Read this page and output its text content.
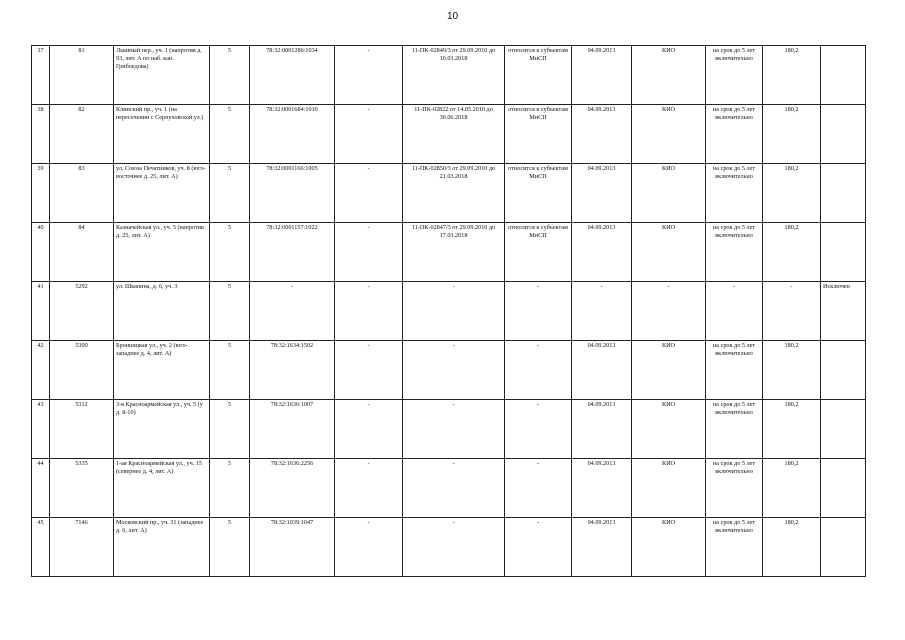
10
37	81	Львиный пер., уч. 1 (напротив д. 93, лит. А по наб. кан. Грибоедова)	5	78:32:0001286:1034	-	11-ПК-02849/3 от 29.09.2010 до 10.03.2018	относится к субъектам МиСП	04.09.2013	КИО	на срок до 5 лет включительно	180,2	
38	82	Клинский пр., уч. 1 (на пересечении с Серпуховской ул.)	5	78:32:0001684:1010	-	11-ПК-02822 от 14.05.2010 до 30.06.2018	относится к субъектам МиСП	04.09.2013	КИО	на срок до 5 лет включительно	180,2	
39	83	ул. Союза Печатников, уч. 8 (юго-восточнее д. 25, лит. А)	5	78:32:0001166:1005	-	11-ПК-02850/3 от 29.09.2010 до 21.03.2018	относится к субъектам МиСП	04.09.2013	КИО	на срок до 5 лет включительно	180,2	
40	84	Казначейская ул., уч. 5 (напротив д. 25, лит. А)	5	78:32:0001157:1022	-	11-ПК-02847/3 от 29.09.2010 до 17.03.2018	относится к субъектам МиСП	04.09.2013	КИО	на срок до 5 лет включительно	180,2	
41	5292	ул. Шкапина, д. 6, уч. 3	5	-	-	-	-	-	-	-	-	Исключен
42	5300	Бронницкая ул., уч. 2 (юго-западнее д. 4, лит. А)	5	78:32:1634:1502	-	-	-	04.09.2013	КИО	на срок до 5 лет включительно	180,2	
43	5312	3-я Красноармейская ул., уч. 5 (у д. 8-10)	5	78:32:1636:1007	-	-	-	04.09.2013	КИО	на срок до 5 лет включительно	180,2	
44	5335	1-ая Красноармейская ул., уч. 15 (севернее д. 4, лит. А)	5	78:32:1636:2256	-	-	-	04.09.2013	КИО	на срок до 5 лет включительно	180,2	
45	7146	Московский пр., уч. 31 (западнее д. 6, лит. А)	5	78:32:1039:1047	-	-	-	04.09.2013	КИО	на срок до 5 лет включительно	180,2	
